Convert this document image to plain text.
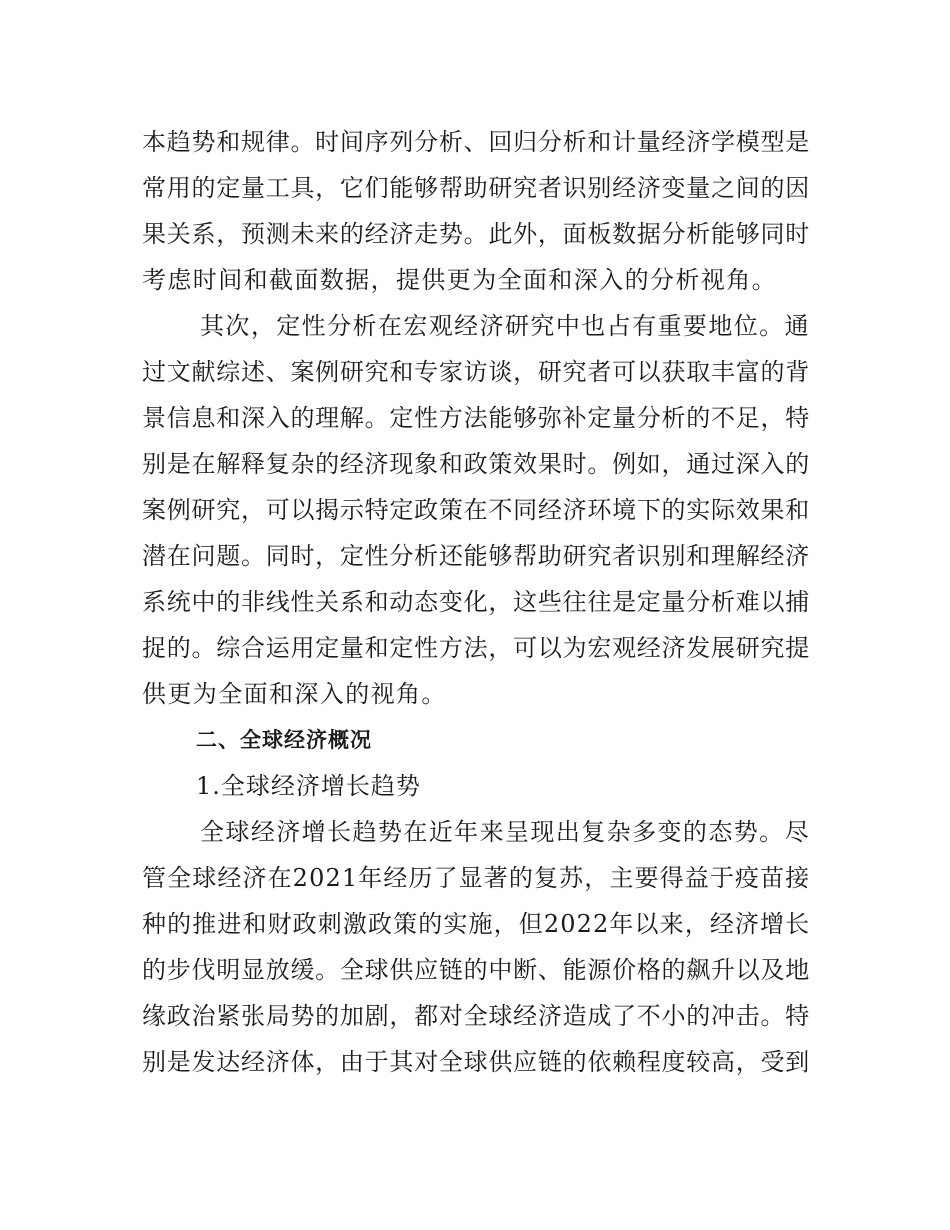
本趋势和规律。时间序列分析、回归分析和计量经济学模型是
常用的定量工具，它们能够帮助研究者识别经济变量之间的因
果关系，预测未来的经济走势。此外，面板数据分析能够同时
考虑时间和截面数据，提供更为全面和深入的分析视角。
其次，定性分析在宏观经济研究中也占有重要地位。通
过文献综述、案例研究和专家访谈，研究者可以获取丰富的背
景信息和深入的理解。定性方法能够弥补定量分析的不足，特
别是在解释复杂的经济现象和政策效果时。例如，通过深入的
案例研究，可以揭示特定政策在不同经济环境下的实际效果和
潜在问题。同时，定性分析还能够帮助研究者识别和理解经济
系统中的非线性关系和动态变化，这些往往是定量分析难以捕
捉的。综合运用定量和定性方法，可以为宏观经济发展研究提
供更为全面和深入的视角。
二、全球经济概况
1.全球经济增长趋势
全球经济增长趋势在近年来呈现出复杂多变的态势。尽
管全球经济在2021年经历了显著的复苏，主要得益于疫苗接
种的推进和财政刺激政策的实施，但2022年以来，经济增长
的步伐明显放缓。全球供应链的中断、能源价格的飙升以及地
缘政治紧张局势的加剧，都对全球经济造成了不小的冲击。特
别是发达经济体，由于其对全球供应链的依赖程度较高，受到
